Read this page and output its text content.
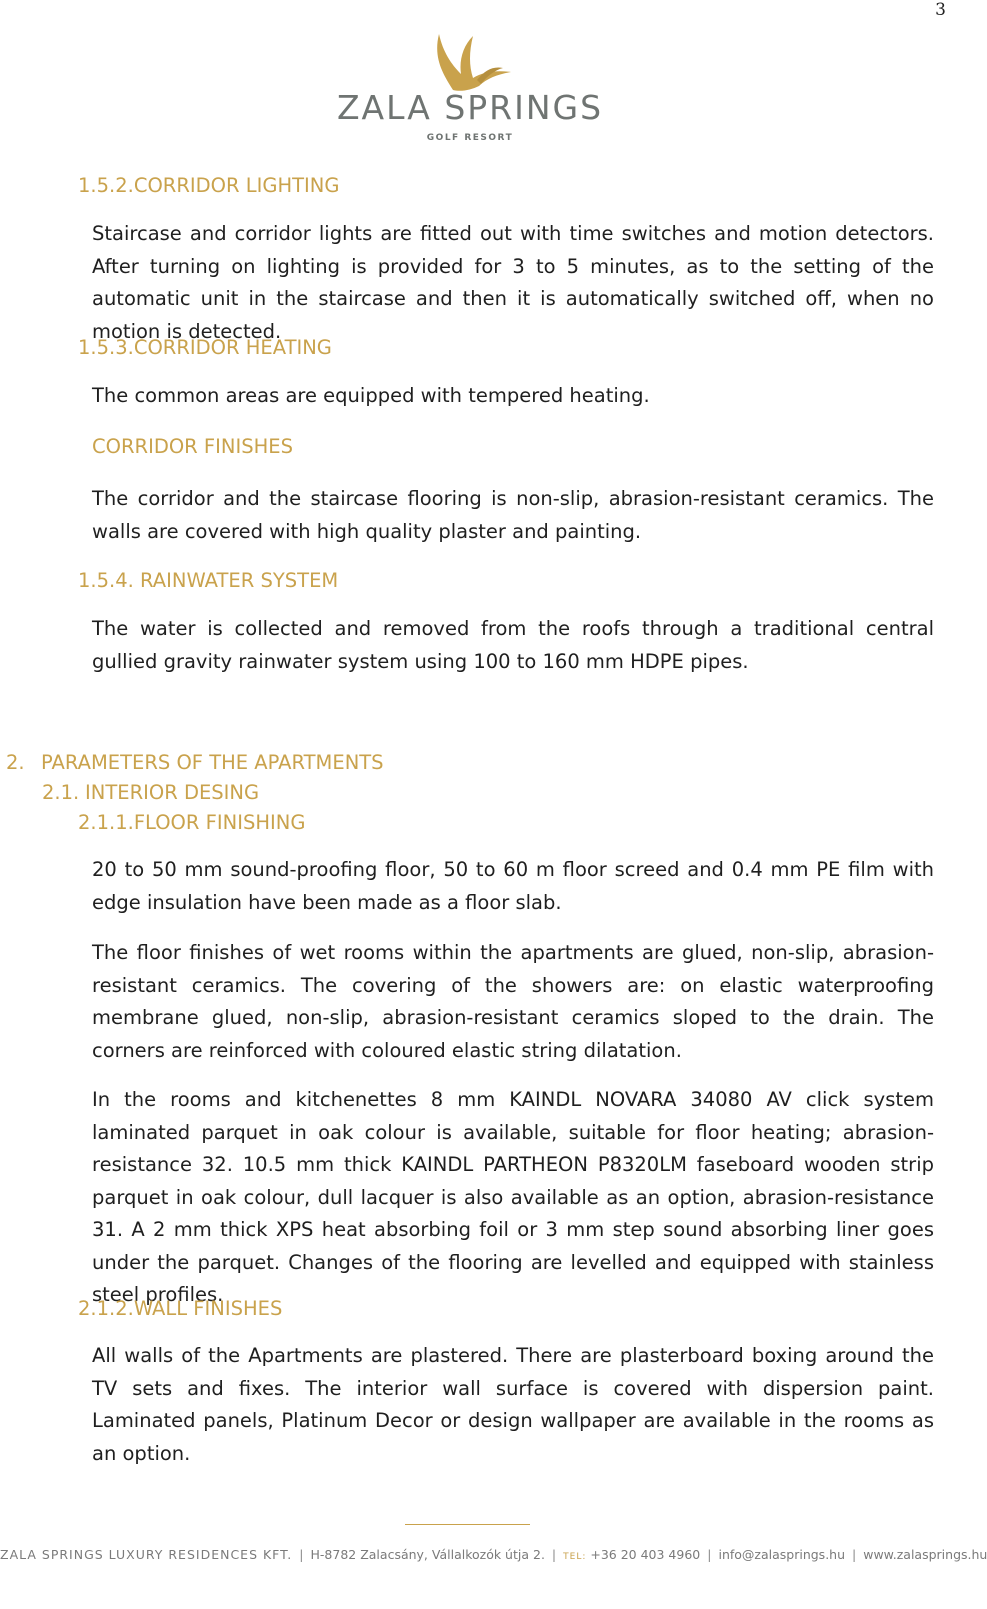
3
ZALA SPRINGS
GOLF RESORT
1.5.2.CORRIDOR LIGHTING
Staircase and corridor lights are fitted out with time switches and motion detectors. After turning on lighting is provided for 3 to 5 minutes, as to the setting of the automatic unit in the staircase and then it is automatically switched off, when no motion is detected.
1.5.3.CORRIDOR HEATING
The common areas are equipped with tempered heating.
CORRIDOR FINISHES
The corridor and the staircase flooring is non-slip, abrasion-resistant ceramics. The walls are covered with high quality plaster and painting.
1.5.4. RAINWATER SYSTEM
The water is collected and removed from the roofs through a traditional central gullied gravity rainwater system using 100 to 160 mm HDPE pipes.
2. PARAMETERS OF THE APARTMENTS
2.1. INTERIOR DESING
2.1.1.FLOOR FINISHING
20 to 50 mm sound-proofing floor, 50 to 60 m floor screed and 0.4 mm PE film with edge insulation have been made as a floor slab.
The floor finishes of wet rooms within the apartments are glued, non-slip, abrasion-resistant ceramics. The covering of the showers are: on elastic waterproofing membrane glued, non-slip, abrasion-resistant ceramics sloped to the drain. The corners are reinforced with coloured elastic string dilatation.
In the rooms and kitchenettes 8 mm KAINDL NOVARA 34080 AV click system laminated parquet in oak colour is available, suitable for floor heating; abrasion-resistance 32. 10.5 mm thick KAINDL PARTHEON P8320LM faseboard wooden strip parquet in oak colour, dull lacquer is also available as an option, abrasion-resistance 31. A 2 mm thick XPS heat absorbing foil or 3 mm step sound absorbing liner goes under the parquet. Changes of the flooring are levelled and equipped with stainless steel profiles.
2.1.2.WALL FINISHES
All walls of the Apartments are plastered. There are plasterboard boxing around the TV sets and fixes. The interior wall surface is covered with dispersion paint. Laminated panels, Platinum Decor or design wallpaper are available in the rooms as an option.
ZALA SPRINGS LUXURY RESIDENCES KFT. | H-8782 Zalacsány, Vállalkozók útja 2. | TEL: +36 20 403 4960 | info@zalasprings.hu | www.zalasprings.hu
